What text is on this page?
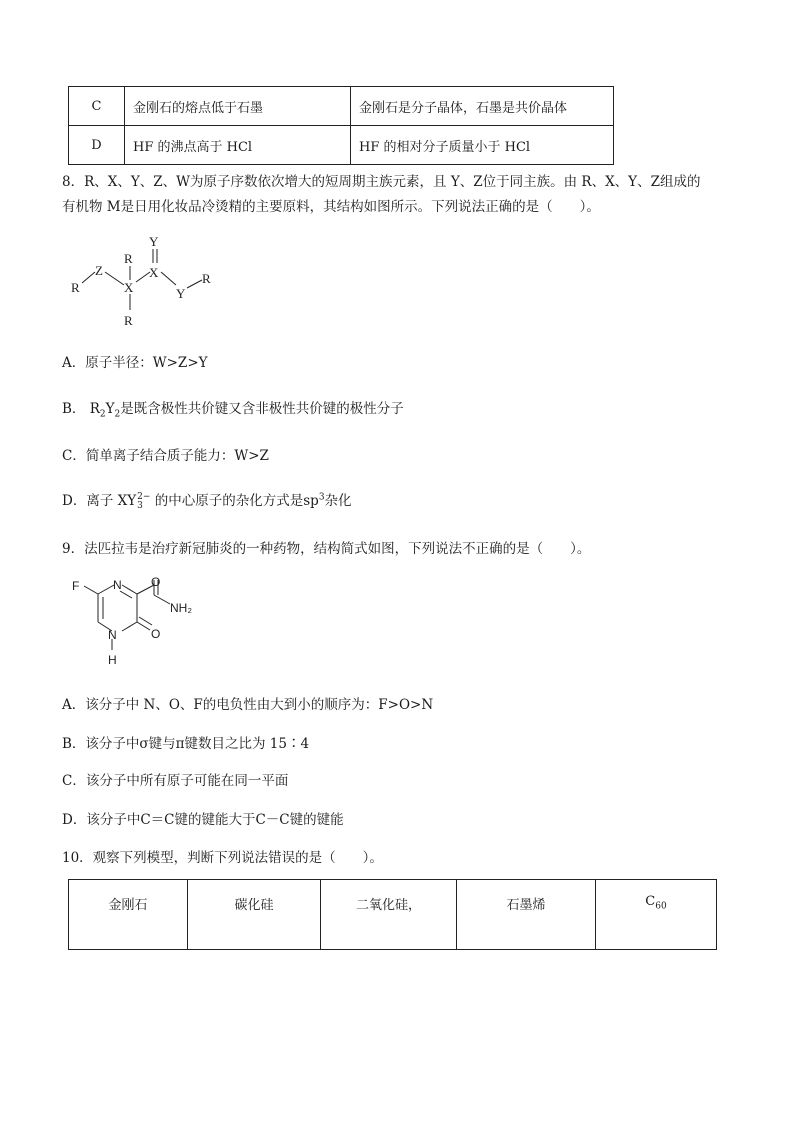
C	金刚石的熔点低于石墨	金刚石是分子晶体，石墨是共价晶体
D	HF 的沸点高于 HCl	HF 的相对分子质量小于 HCl
8．R、X、Y、Z、W为原子序数依次增大的短周期主族元素，且 Y、Z位于同主族。由 R、X、Y、Z组成的
有机物 M是日用化妆品冷烫精的主要原料，其结构如图所示。下列说法正确的是（　　）。
R
Z
R
X
R
Y
X
Y
R
A．原子半径：W>Z>Y
B． $R_2Y_2$是既含极性共价键又含非极性共价键的极性分子
C．简单离子结合质子能力：W>Z
D．离子 XY 2−
3 的中心原子的杂化方式是$sp^3$杂化
9．法匹拉韦是治疗新冠肺炎的一种药物，结构简式如图，下列说法不正确的是（　　）。
F	N O
NH₂
O
N
H
A．该分子中 N、O、F的电负性由大到小的顺序为：F>O>N
B．该分子中σ键与π键数目之比为 15∶4
C．该分子中所有原子可能在同一平面
D．该分子中C＝C键的键能大于C－C键的键能
10．观察下列模型，判断下列说法错误的是（　　）。
金刚石	碳化硅	二氧化硅，	石墨烯	$C_{60}$
